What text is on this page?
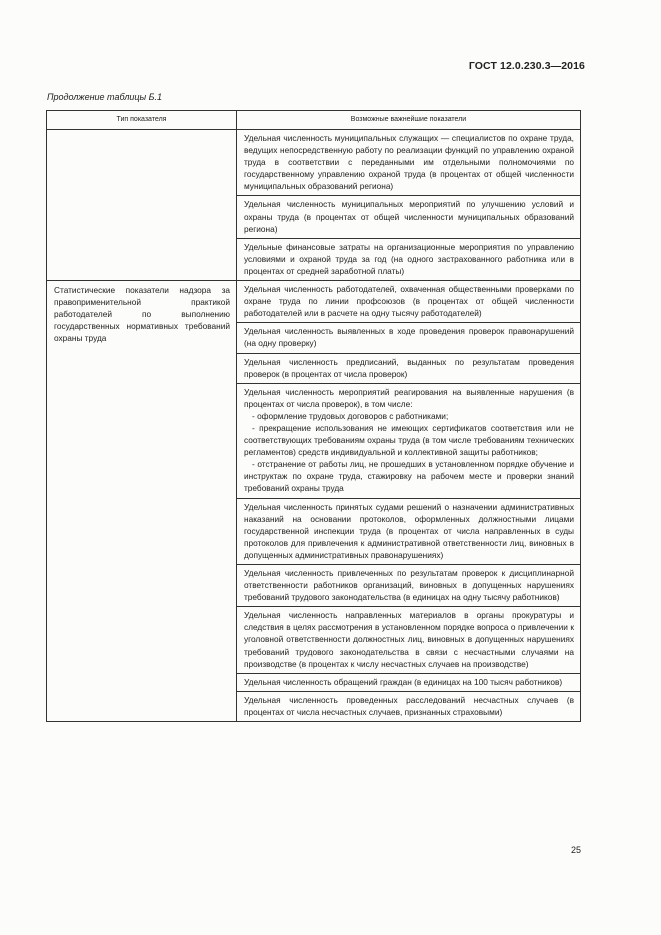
ГОСТ 12.0.230.3—2016
Продолжение таблицы Б.1
Тип показателя	Возможные важнейшие показатели
	Удельная численность муниципальных служащих — специалистов по охране труда, ведущих непосредственную работу по реализации функций по управлению охраной труда в соответствии с переданными им отдельными полномочиями по государственному управлению охраной труда (в процентах от общей численности муниципальных образований региона)
	Удельная численность муниципальных мероприятий по улучшению условий и охраны труда (в процентах от общей численности муниципальных образований региона)
	Удельные финансовые затраты на организационные мероприятия по управлению условиями и охраной труда за год (на одного застрахованного работника или в процентах от средней заработной платы)
Статистические показатели надзора за правоприменительной практикой работодателей по выполнению государственных нормативных требований охраны труда	Удельная численность работодателей, охваченная общественными проверками по охране труда по линии профсоюзов (в процентах от общей численности работодателей или в расчете на одну тысячу работодателей)
	Удельная численность выявленных в ходе проведения проверок правонарушений (на одну проверку)
	Удельная численность предписаний, выданных по результатам проведения проверок (в процентах от числа проверок)

	Удельная численность мероприятий реагирования на выявленные нарушения (в процентах от числа проверок), в том числе:
- оформление трудовых договоров с работниками;
- прекращение использования не имеющих сертификатов соответствия или не соответствующих требованиям охраны труда (в том числе требованиям технических регламентов) средств индивидуальной и коллективной защиты работников;
- отстранение от работы лиц, не прошедших в установленном порядке обучение и инструктаж по охране труда, стажировку на рабочем месте и проверки знаний требований охраны труда

	Удельная численность принятых судами решений о назначении административных наказаний на основании протоколов, оформленных должностными лицами государственной инспекции труда (в процентах от числа направленных в суды протоколов для привлечения к административной ответственности лиц, виновных в допущенных административных правонарушениях)
	Удельная численность привлеченных по результатам проверок к дисциплинарной ответственности работников организаций, виновных в допущенных нарушениях требований трудового законодательства (в единицах на одну тысячу работников)
	Удельная численность направленных материалов в органы прокуратуры и следствия в целях рассмотрения в установленном порядке вопроса о привлечении к уголовной ответственности должностных лиц, виновных в допущенных нарушениях требований трудового законодательства в связи с несчастными случаями на производстве (в процентах к числу несчастных случаев на производстве)
	Удельная численность обращений граждан (в единицах на 100 тысяч работников)
	Удельная численность проведенных расследований несчастных случаев (в процентах от числа несчастных случаев, признанных страховыми)
25
